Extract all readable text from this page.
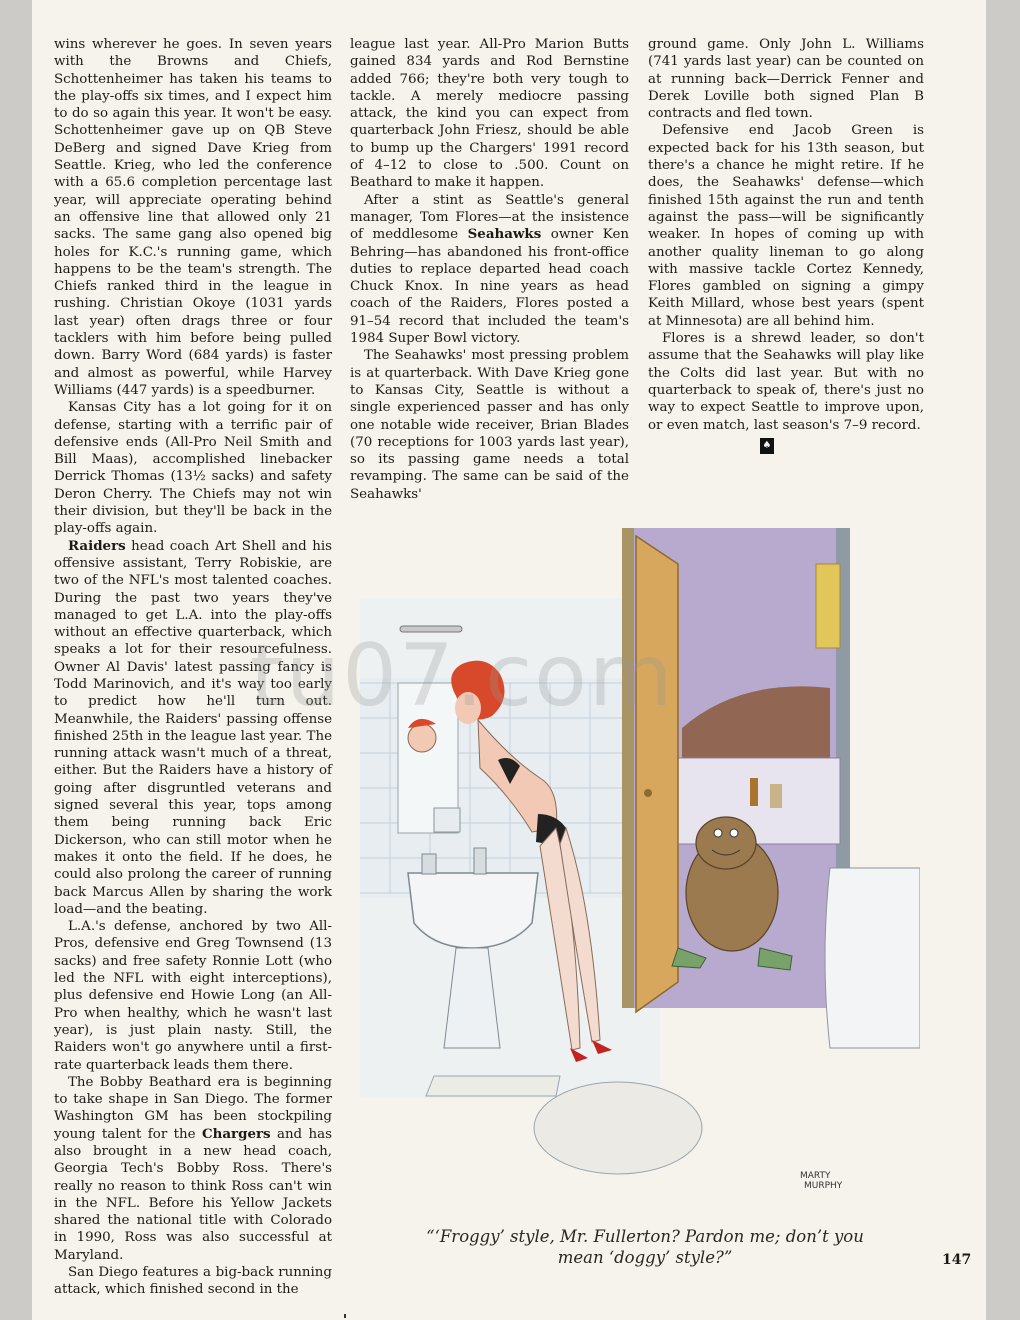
wins wherever he goes. In seven years with the Browns and Chiefs, Schottenheimer has taken his teams to the play-offs six times, and I expect him to do so again this year. It won't be easy. Schottenheimer gave up on QB Steve DeBerg and signed Dave Krieg from Seattle. Krieg, who led the conference with a 65.6 completion percentage last year, will appreciate operating behind an offensive line that allowed only 21 sacks. The same gang also opened big holes for K.C.'s running game, which happens to be the team's strength. The Chiefs ranked third in the league in rushing. Christian Okoye (1031 yards last year) often drags three or four tacklers with him before being pulled down. Barry Word (684 yards) is faster and almost as powerful, while Harvey Williams (447 yards) is a speedburner.

Kansas City has a lot going for it on defense, starting with a terrific pair of defensive ends (All-Pro Neil Smith and Bill Maas), accomplished linebacker Derrick Thomas (13½ sacks) and safety Deron Cherry. The Chiefs may not win their division, but they'll be back in the play-offs again.

Raiders head coach Art Shell and his offensive assistant, Terry Robiskie, are two of the NFL's most talented coaches. During the past two years they've managed to get L.A. into the play-offs without an effective quarterback, which speaks a lot for their resourcefulness. Owner Al Davis' latest passing fancy is Todd Marinovich, and it's way too early to predict how he'll turn out. Meanwhile, the Raiders' passing offense finished 25th in the league last year. The running attack wasn't much of a threat, either. But the Raiders have a history of going after disgruntled veterans and signed several this year, tops among them being running back Eric Dickerson, who can still motor when he makes it onto the field. If he does, he could also prolong the career of running back Marcus Allen by sharing the work load—and the beating.

L.A.'s defense, anchored by two All-Pros, defensive end Greg Townsend (13 sacks) and free safety Ronnie Lott (who led the NFL with eight interceptions), plus defensive end Howie Long (an All-Pro when healthy, which he wasn't last year), is just plain nasty. Still, the Raiders won't go anywhere until a first-rate quarterback leads them there.

The Bobby Beathard era is beginning to take shape in San Diego. The former Washington GM has been stockpiling young talent for the Chargers and has also brought in a new head coach, Georgia Tech's Bobby Ross. There's really no reason to think Ross can't win in the NFL. Before his Yellow Jackets shared the national title with Colorado in 1990, Ross was also successful at Maryland.

San Diego features a big-back running attack, which finished second in the

league last year. All-Pro Marion Butts gained 834 yards and Rod Bernstine added 766; they're both very tough to tackle. A merely mediocre passing attack, the kind you can expect from quarterback John Friesz, should be able to bump up the Chargers' 1991 record of 4–12 to close to .500. Count on Beathard to make it happen.

After a stint as Seattle's general manager, Tom Flores—at the insistence of meddlesome Seahawks owner Ken Behring—has abandoned his front-office duties to replace departed head coach Chuck Knox. In nine years as head coach of the Raiders, Flores posted a 91–54 record that included the team's 1984 Super Bowl victory.

The Seahawks' most pressing problem is at quarterback. With Dave Krieg gone to Kansas City, Seattle is without a single experienced passer and has only one notable wide receiver, Brian Blades (70 receptions for 1003 yards last year), so its passing game needs a total revamping. The same can be said of the Seahawks'

ground game. Only John L. Williams (741 yards last year) can be counted on at running back—Derrick Fenner and Derek Loville both signed Plan B contracts and fled town.

Defensive end Jacob Green is expected back for his 13th season, but there's a chance he might retire. If he does, the Seahawks' defense—which finished 15th against the run and tenth against the pass—will be significantly weaker. In hopes of coming up with another quality lineman to go along with massive tackle Cortez Kennedy, Flores gambled on signing a gimpy Keith Millard, whose best years (spent at Minnesota) are all behind him.

Flores is a shrewd leader, so don't assume that the Seahawks will play like the Colts did last year. But with no quarterback to speak of, there's just no way to expect Seattle to improve upon, or even match, last season's 7–9 record.

♠
MARTY
MURPHY
“‘Froggy’ style, Mr. Fullerton? Pardon me; don’t you
mean ‘doggy’ style?”	147
tu07.com
